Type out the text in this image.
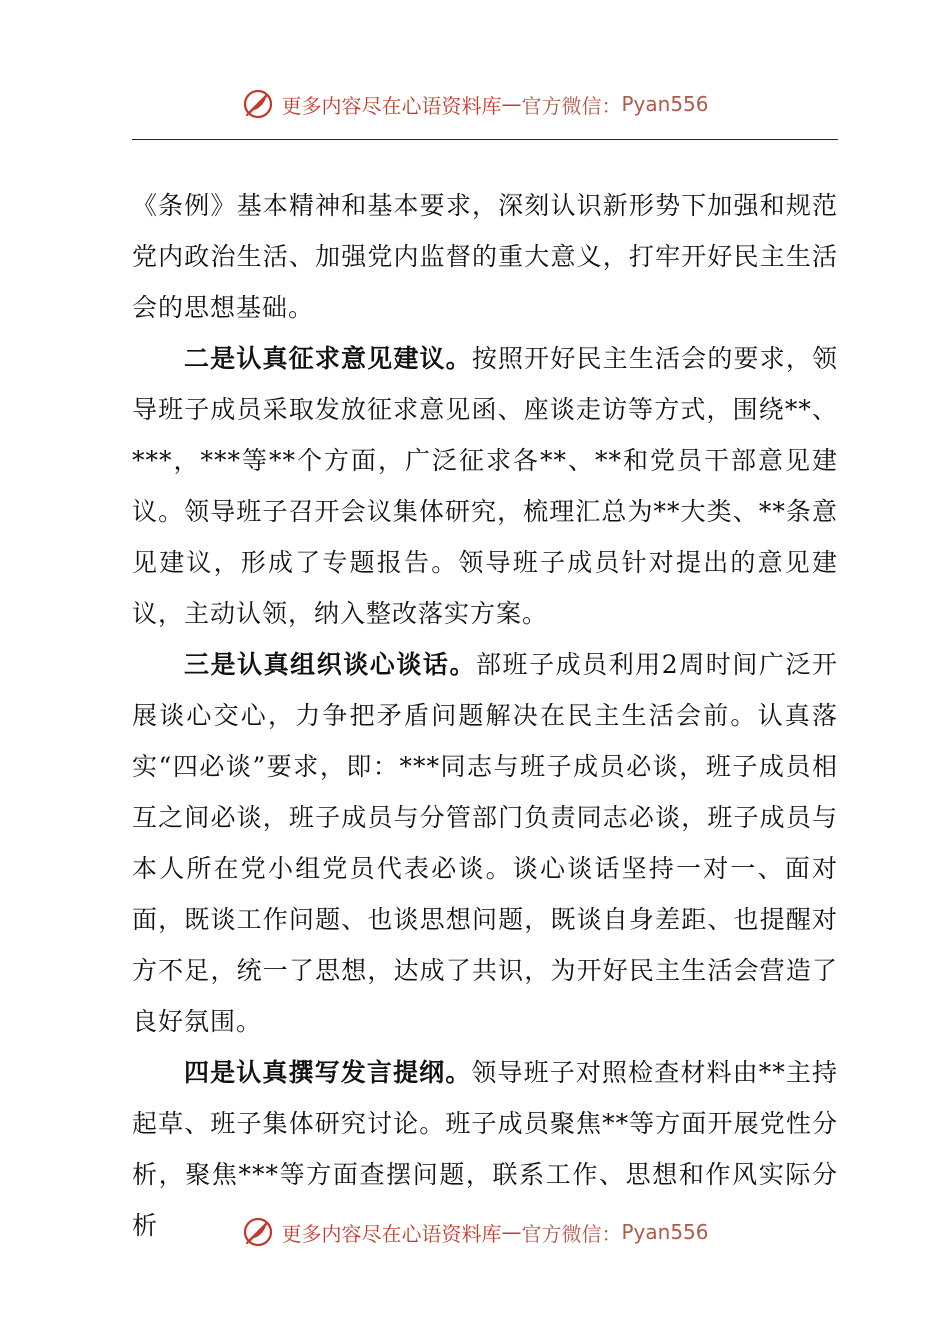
更多内容尽在心语资料库 — 官方微信： Pyan556

《条例》基本精神和基本要求，深刻认识新形势下加强和规范党内政治生活、加强党内监督的重大意义，打牢开好民主生活会的思想基础。

二是认真征求意见建议。按照开好民主生活会的要求，领导班子成员采取发放征求意见函、座谈走访等方式，围绕**、***，***等**个方面，广泛征求各**、**和党员干部意见建议。领导班子召开会议集体研究，梳理汇总为**大类、**条意见建议，形成了专题报告。领导班子成员针对提出的意见建议，主动认领，纳入整改落实方案。

三是认真组织谈心谈话。部班子成员利用2周时间广泛开展谈心交心，力争把矛盾问题解决在民主生活会前。认真落实“四必谈”要求，即：***同志与班子成员必谈，班子成员相互之间必谈，班子成员与分管部门负责同志必谈，班子成员与本人所在党小组党员代表必谈。谈心谈话坚持一对一、面对面，既谈工作问题、也谈思想问题，既谈自身差距、也提醒对方不足，统一了思想，达成了共识，为开好民主生活会营造了良好氛围。

四是认真撰写发言提纲。领导班子对照检查材料由**主持起草、班子集体研究讨论。班子成员聚焦**等方面开展党性分析，聚焦***等方面查摆问题，联系工作、思想和作风实际分析	更多内容尽在心语资料库 — 官方微信： Pyan556
